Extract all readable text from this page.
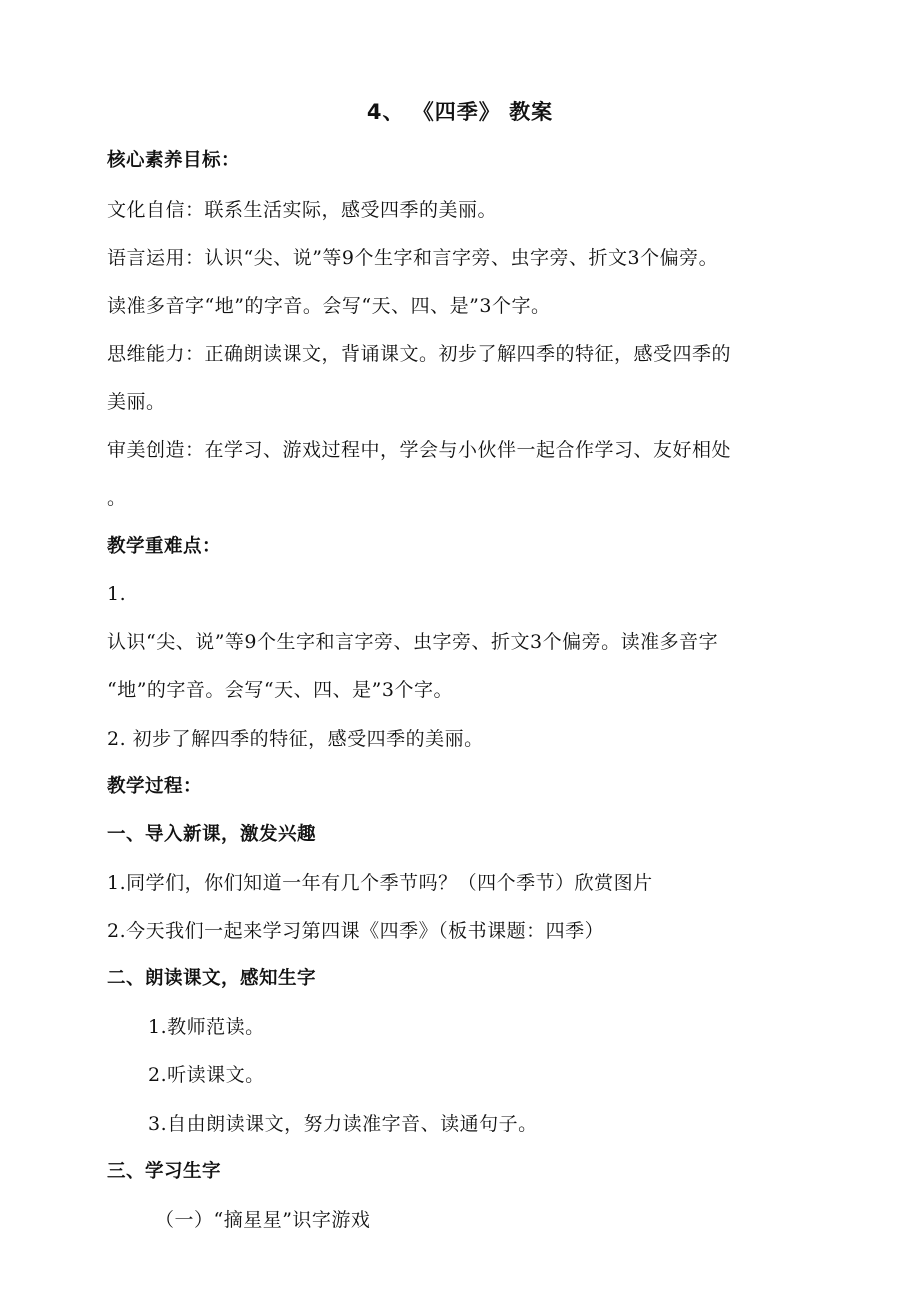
4、 《四季》 教案
核心素养目标：
文化自信：联系生活实际，感受四季的美丽。
语言运用：认识“尖、说”等9个生字和言字旁、虫字旁、折文3个偏旁。
读准多音字“地”的字音。会写“天、四、是”3个字。
思维能力：正确朗读课文，背诵课文。初步了解四季的特征，感受四季的
美丽。
审美创造：在学习、游戏过程中，学会与小伙伴一起合作学习、友好相处
。
教学重难点：
1.
认识“尖、说”等9个生字和言字旁、虫字旁、折文3个偏旁。读准多音字
“地”的字音。会写“天、四、是”3个字。
2. 初步了解四季的特征，感受四季的美丽。
教学过程：
一、导入新课，激发兴趣
1.同学们，你们知道一年有几个季节吗？（四个季节）欣赏图片
2.今天我们一起来学习第四课《四季》（板书课题：四季）
二、朗读课文，感知生字
1.教师范读。
2.听读课文。
3.自由朗读课文，努力读准字音、读通句子。
三、学习生字
（一）“摘星星”识字游戏
